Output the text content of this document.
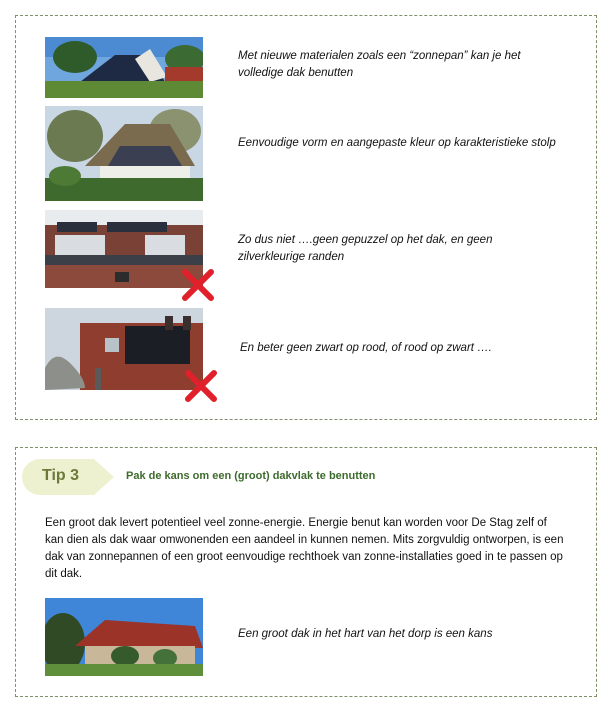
Met nieuwe materialen zoals een “zonnepan” kan je het volledige dak benutten
Eenvoudige vorm en aangepaste kleur op karakteristieke stolp
Zo dus niet ….geen gepuzzel op het dak, en geen zilverkleurige randen
En beter geen zwart op rood, of rood op zwart ….
Tip 3	Pak de kans om een (groot) dakvlak te benutten
Een groot dak levert potentieel veel zonne-energie. Energie benut kan worden voor De Stag zelf of kan dien als dak waar omwonenden een aandeel in kunnen nemen. Mits zorgvuldig ontworpen, is een dak van zonnepannen of een groot eenvoudige rechthoek van zonne-installaties goed in te passen op dit dak.
Een groot dak in het hart van het dorp is een kans
